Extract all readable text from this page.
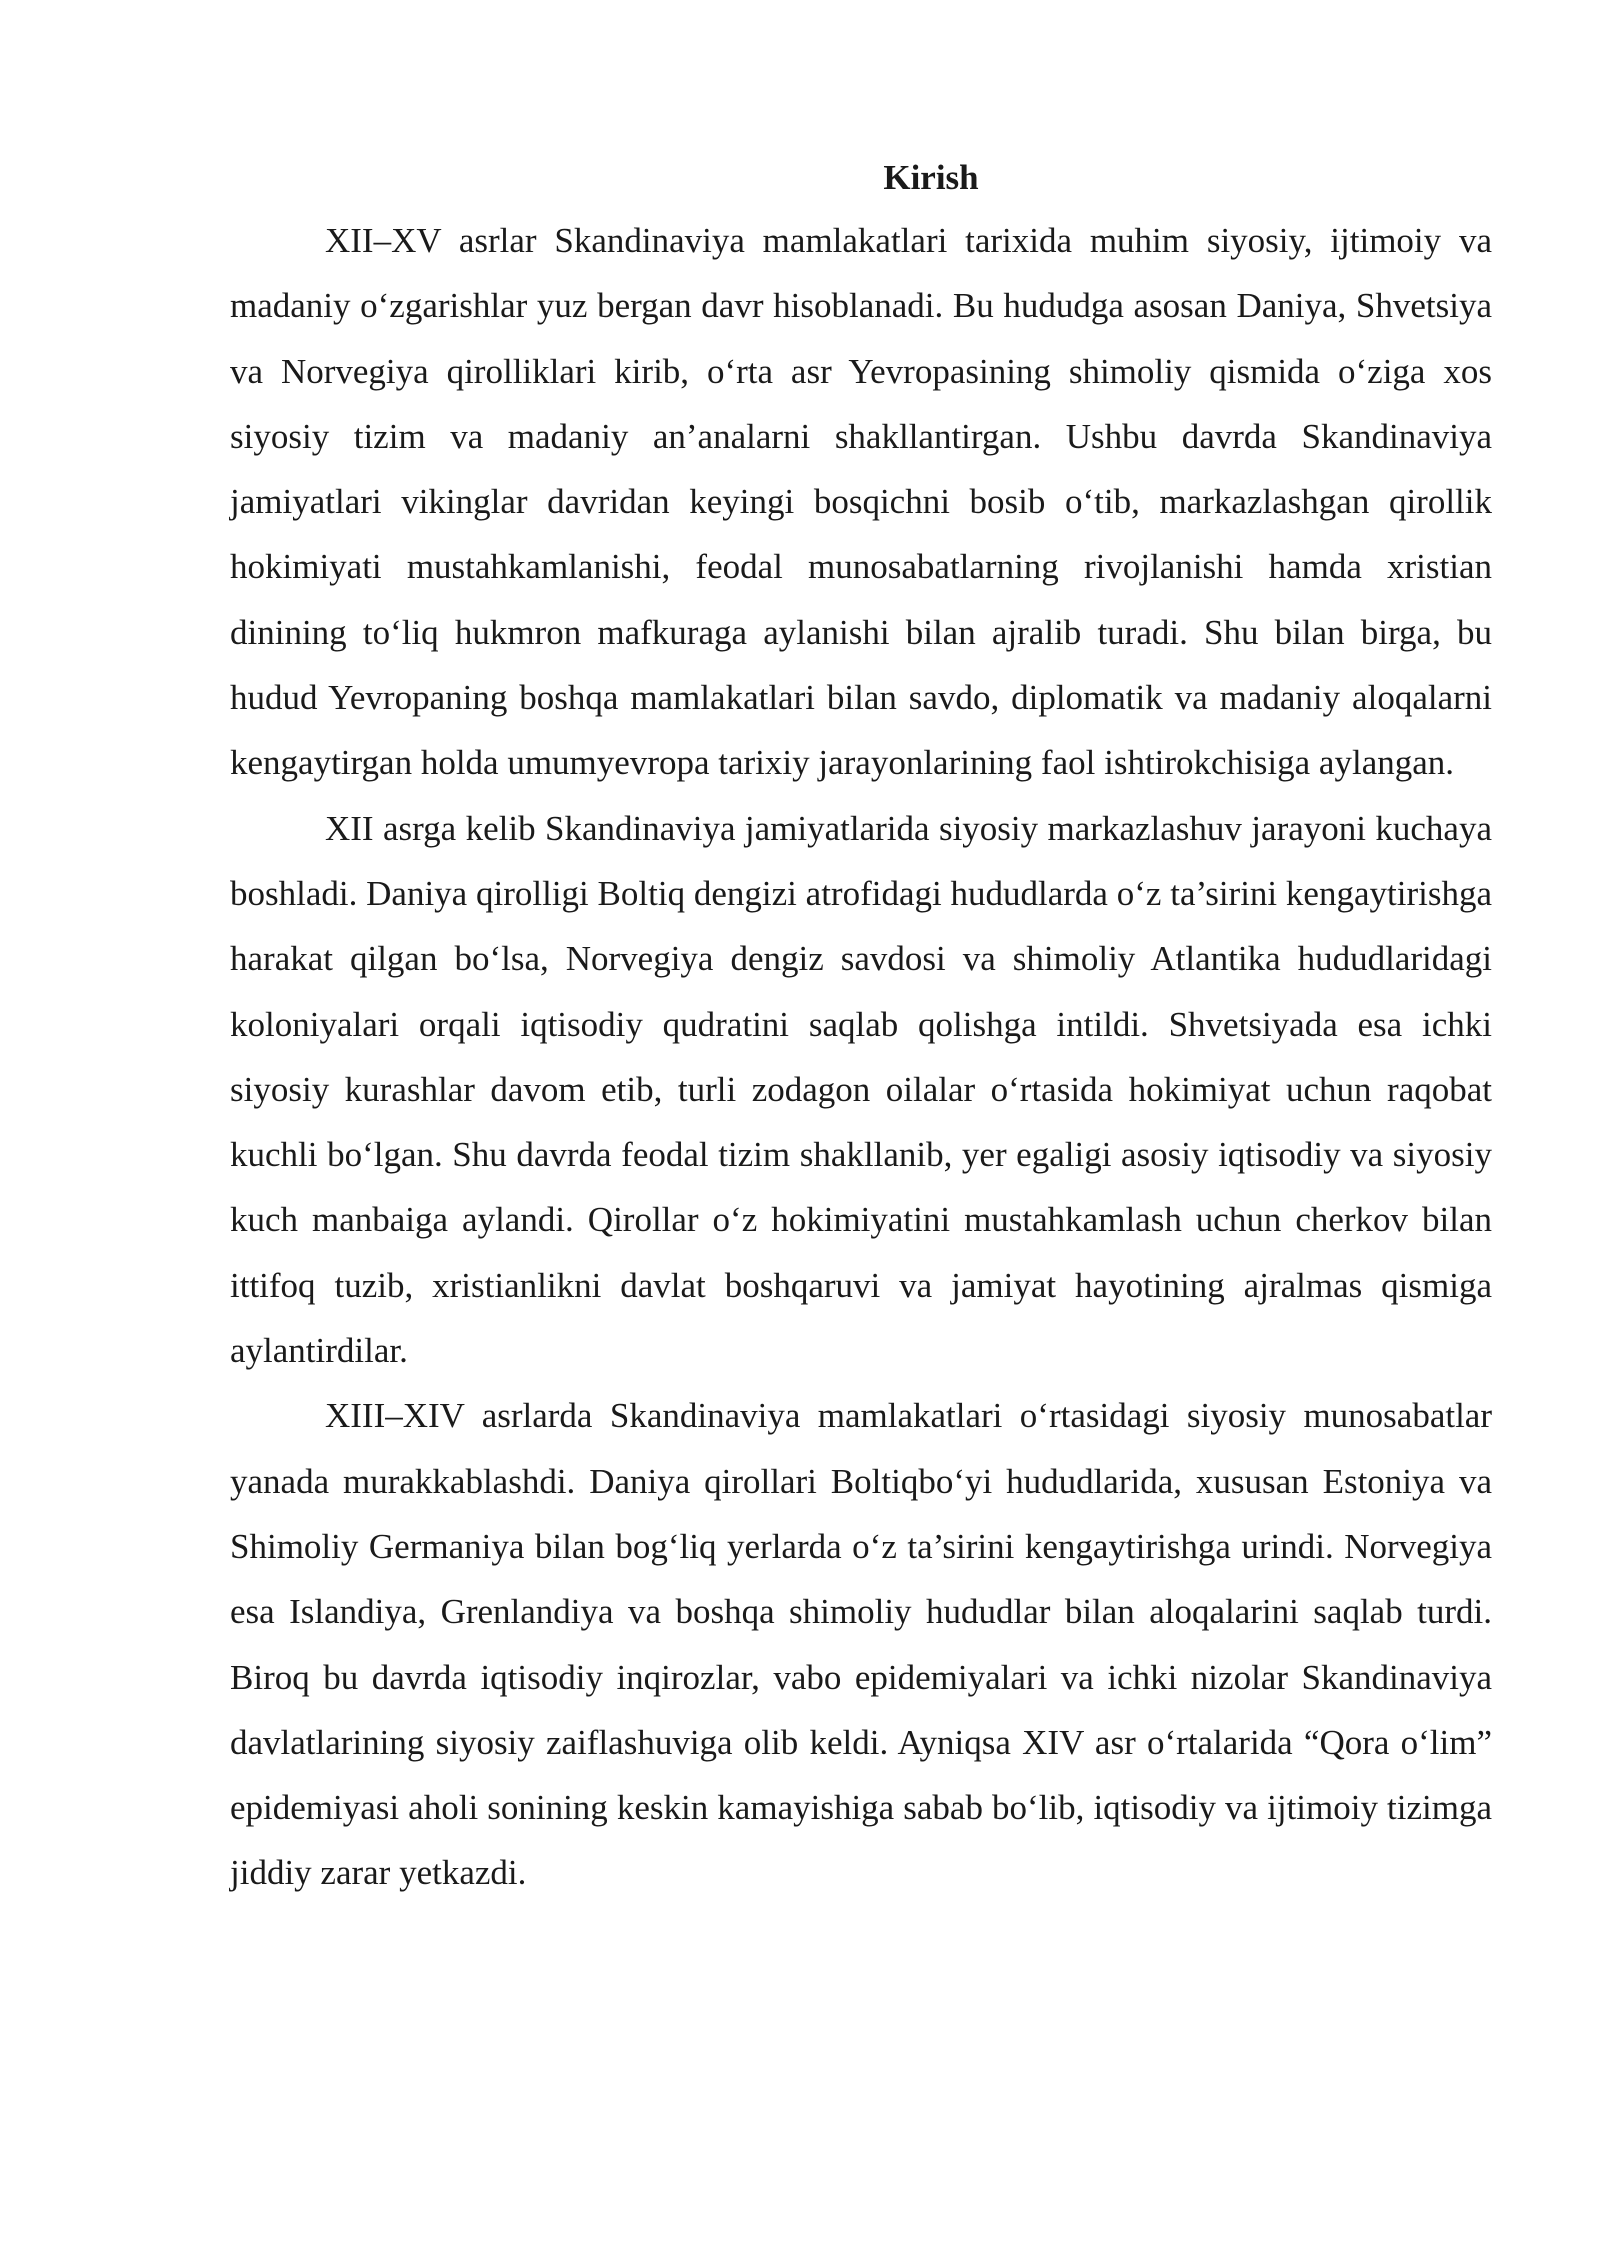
Kirish

XII–XV asrlar Skandinaviya mamlakatlari tarixida muhim siyosiy, ijtimoiy va madaniy oʻzgarishlar yuz bergan davr hisoblanadi. Bu hududga asosan Daniya, Shvetsiya va Norvegiya qirolliklari kirib, oʻrta asr Yevropasining shimoliy qismida oʻziga xos siyosiy tizim va madaniy an’analarni shakllantirgan. Ushbu davrda Skandinaviya jamiyatlari vikinglar davridan keyingi bosqichni bosib oʻtib, markazlashgan qirollik hokimiyati mustahkamlanishi, feodal munosabatlarning rivojlanishi hamda xristian dinining toʻliq hukmron mafkuraga aylanishi bilan ajralib turadi. Shu bilan birga, bu hudud Yevropaning boshqa mamlakatlari bilan savdo, diplomatik va madaniy aloqalarni kengaytirgan holda umumyevropa tarixiy jarayonlarining faol ishtirokchisiga aylangan.

XII asrga kelib Skandinaviya jamiyatlarida siyosiy markazlashuv jarayoni kuchaya boshladi. Daniya qirolligi Boltiq dengizi atrofidagi hududlarda oʻz ta’sirini kengaytirishga harakat qilgan boʻlsa, Norvegiya dengiz savdosi va shimoliy Atlantika hududlaridagi koloniyalari orqali iqtisodiy qudratini saqlab qolishga intildi. Shvetsiyada esa ichki siyosiy kurashlar davom etib, turli zodagon oilalar oʻrtasida hokimiyat uchun raqobat kuchli boʻlgan. Shu davrda feodal tizim shakllanib, yer egaligi asosiy iqtisodiy va siyosiy kuch manbaiga aylandi. Qirollar oʻz hokimiyatini mustahkamlash uchun cherkov bilan ittifoq tuzib, xristianlikni davlat boshqaruvi va jamiyat hayotining ajralmas qismiga aylantirdilar.

XIII–XIV asrlarda Skandinaviya mamlakatlari oʻrtasidagi siyosiy munosabatlar yanada murakkablashdi. Daniya qirollari Boltiqboʻyi hududlarida, xususan Estoniya va Shimoliy Germaniya bilan bogʻliq yerlarda oʻz ta’sirini kengaytirishga urindi. Norvegiya esa Islandiya, Grenlandiya va boshqa shimoliy hududlar bilan aloqalarini saqlab turdi. Biroq bu davrda iqtisodiy inqirozlar, vabo epidemiyalari va ichki nizolar Skandinaviya davlatlarining siyosiy zaiflashuviga olib keldi. Ayniqsa XIV asr oʻrtalarida “Qora oʻlim” epidemiyasi aholi sonining keskin kamayishiga sabab boʻlib, iqtisodiy va ijtimoiy tizimga jiddiy zarar yetkazdi.
